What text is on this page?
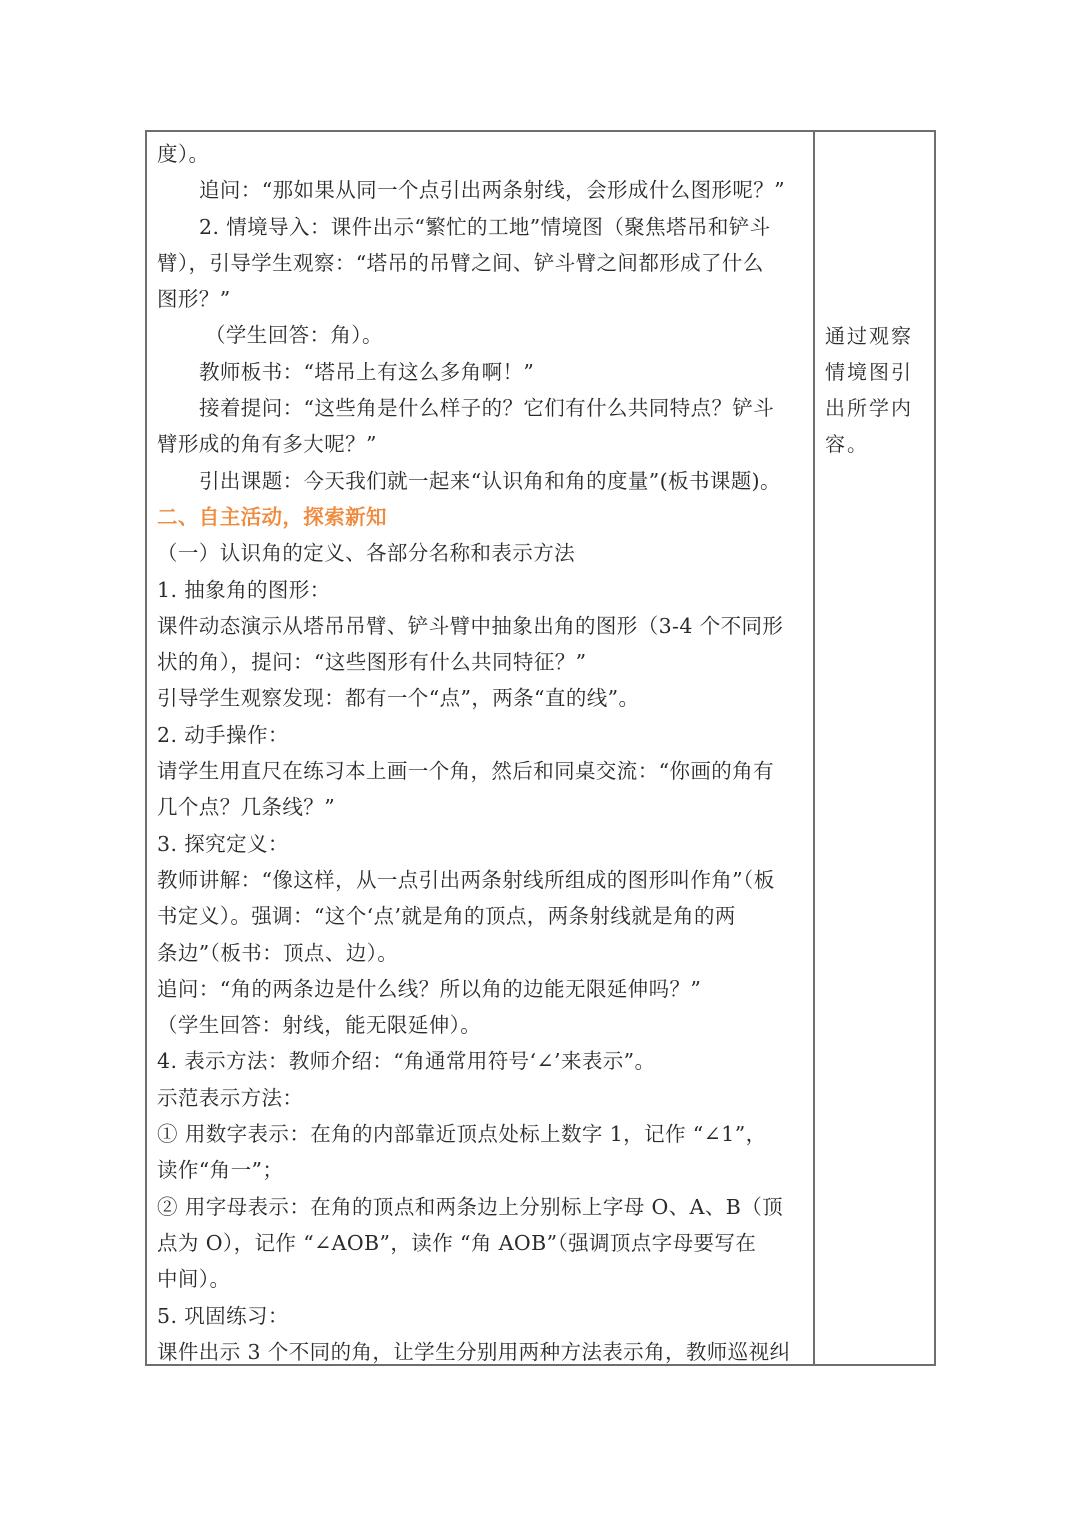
度）。
追问：“那如果从同一个点引出两条射线，会形成什么图形呢？”
2. 情境导入：课件出示“繁忙的工地”情境图（聚焦塔吊和铲斗
臂），引导学生观察：“塔吊的吊臂之间、铲斗臂之间都形成了什么
图形？”
（学生回答：角）。
教师板书：“塔吊上有这么多角啊！”
接着提问：“这些角是什么样子的？它们有什么共同特点？铲斗
臂形成的角有多大呢？”
引出课题：今天我们就一起来“认识角和角的度量”(板书课题)。
二、自主活动，探索新知
（一）认识角的定义、各部分名称和表示方法
1. 抽象角的图形：
课件动态演示从塔吊吊臂、铲斗臂中抽象出角的图形（3-4 个不同形
状的角），提问：“这些图形有什么共同特征？”
引导学生观察发现：都有一个“点”，两条“直的线”。
2. 动手操作：
请学生用直尺在练习本上画一个角，然后和同桌交流：“你画的角有
几个点？几条线？”
3. 探究定义：
教师讲解：“像这样，从一点引出两条射线所组成的图形叫作角”（板
书定义）。强调：“这个‘点’就是角的顶点，两条射线就是角的两
条边”（板书：顶点、边）。
追问：“角的两条边是什么线？所以角的边能无限延伸吗？”
（学生回答：射线，能无限延伸）。
4. 表示方法：教师介绍：“角通常用符号‘∠’来表示”。
示范表示方法：
① 用数字表示：在角的内部靠近顶点处标上数字 1，记作 “∠1”，
读作“角一”；
② 用字母表示：在角的顶点和两条边上分别标上字母 O、A、B（顶
点为 O），记作 “∠AOB”，读作 “角 AOB”（强调顶点字母要写在
中间）。
5. 巩固练习：
课件出示 3 个不同的角，让学生分别用两种方法表示角，教师巡视纠
通过观察
情境图引
出所学内
容。
